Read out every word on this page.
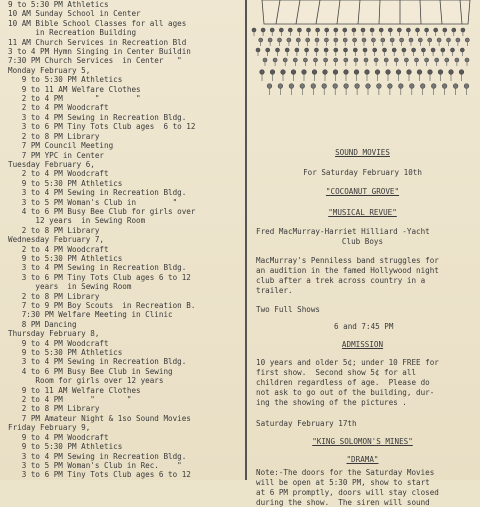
9 to 5:30 PM Athletics
10 AM Sunday School in Center
10 AM Bible School Classes for all ages
in Recreation Building
11 AM Church Services in Recreation Bld
3 to 4 PM Hymn Singing in Center Buildin
7:30 PM Church Services  in Center   "
Monday February 5,
9 to 5:30 PM Athletics
9 to 11 AM Welfare Clothes
2 to 4 PM       "        "
2 to 4 PM Woodcraft
3 to 4 PM Sewing in Recreation Bldg.
3 to 6 PM Tiny Tots Club ages  6 to 12
2 to 8 PM Library
7 PM Council Meeting
7 PM YPC in Center
Tuesday February 6,
2 to 4 PM Woodcraft
9 to 5:30 PM Athletics
3 to 4 PM Sewing in Recreation Bldg.
3 to 5 PM Woman's Club in        "
4 to 6 PM Busy Bee Club for girls over
12 years  in Sewing Room
2 to 8 PM Library
Wednesday February 7,
2 to 4 PM Woodcraft
9 to 5:30 PM Athletics
3 to 4 PM Sewing in Recreation Bldg.
3 to 6 PM Tiny Tots Club ages 6 to 12
years  in Sewing Room
2 to 8 PM Library
7 to 9 PM Boy Scouts  in Recreation B.
7:30 PM Welfare Meeting in Clinic
8 PM Dancing
Thursday February 8,
9 to 4 PM Woodcraft
9 to 5:30 PM Athletics
3 to 4 PM Sewing in Recreation Bldg.
4 to 6 PM Busy Bee Club in Sewing
Room for girls over 12 years
9 to 11 AM Welfare Clothes
2 to 4 PM      "       "
2 to 8 PM Library
7 PM Amateur Night & 1so Sound Movies
Friday February 9,
9 to 4 PM Woodcraft
9 to 5:30 PM Athletics
3 to 4 PM Sewing in Recreation Bldg.
3 to 5 PM Woman's Club in Rec.    "
3 to 6 PM Tiny Tots Club ages 6 to 12
SOUND MOVIES
For Saturday February 10th
"COCOANUT GROVE"
"MUSICAL REVUE"
Fred MacMurray-Harriet Hilliard -Yacht
Club Boys
MacMurray's Penniless band struggles for
an audition in the famed Hollywood night
club after a trek across country in a
trailer.
Two Full Shows
6 and 7:45 PM
ADMISSION
10 years and older 5¢; under 10 FREE for
first show.  Second show 5¢ for all
children regardless of age.  Please do
not ask to go out of the building, dur-
ing the showing of the pictures .
Saturday February 17th
"KING SOLOMON'S MINES"
"DRAMA"
Note:-The doors for the Saturday Movies
will be open at 5:30 PM, show to start
at 6 PM promptly, doors will stay closed
during the show.  The siren will sound
